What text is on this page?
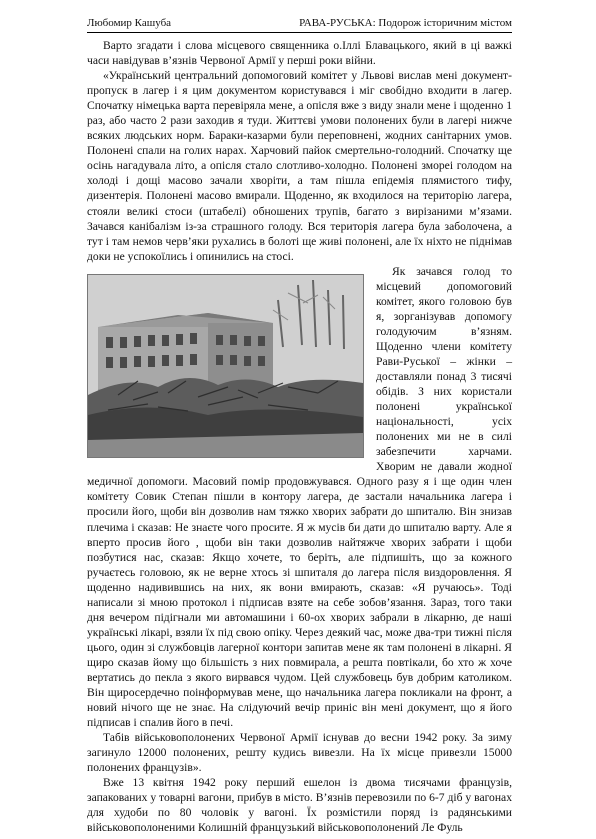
Любомир Кашуба	РАВА-РУСЬКА: Подорож історичним містом

Варто згадати і слова місцевого священника о.Іллі Блавацького, який в ці важкі часи навідував в’язнів Червоної Армії у перші роки війни.

«Український центральний допомоговий комітет у Львові вислав мені документ-пропуск в лагер і я цим документом користувався і міг свобідно входити в лагер. Спочатку німецька варта перевіряла мене, а опісля вже з виду знали мене і щоденно 1 раз, або часто 2 рази заходив я туди. Життєві умови полонених були в лагері нижче всяких людських норм. Бараки-казарми були переповнені, жодних санітарних умов. Полонені спали на голих нарах. Харчовий пайок смертельно-голодний. Спочатку ще осінь нагадувала літо, а опісля стало слотливо-холодно. Полонені змореі голодом на холоді і дощі масово зачали хворіти, а там пішла епідемія плямистого тифу, дизентерія. Полонені масово вмирали. Щоденно, як входилося на територію лагера, стояли великі стоси (штабелі) обношених трупів, багато з вирізаними м’язами. Зачався канібалізм із-за страшного голоду. Вся територія лагера була заболочена, а тут і там немов черв’яки рухались в болоті ще живі полонені, але їх ніхто не піднімав доки не успокоїлись і опинились на стосі.

Як зачався голод то місцевий допомоговий комітет, якого головою був я, зорганізував допомогу голодуючим в’язням. Щоденно члени комітету Рави-Руської – жінки – доставляли понад 3 тисячі обідів. З них користали полонені української національності, усіх полонених ми не в силі забезпечити харчами. Хворим не давали жодної медичної допомоги. Масовий помір продовжувався. Одного разу я і ще один член комітету Совик Степан пішли в контору лагера, де застали начальника лагера і просили його, щоби він дозволив нам тяжко хворих забрати до шпиталю. Він знизав плечима і сказав: Не знаєте чого просите. Я ж мусів би дати до шпиталю варту. Але я вперто просив його , щоби він таки дозволив найтяжче хворих забрати і щоби позбутися нас, сказав: Якщо хочете, то беріть, але підпишіть, що за кожного ручаєтесь головою, як не верне хтось зі шпиталя до лагера після виздоровлення. Я щоденно надивившись на них, як вони вмирають, сказав: «Я ручаюсь». Тоді написали зі мною протокол і підписав взяте на себе зобов’язання. Зараз, того таки дня вечером підігнали ми автомашини і 60-ох хворих забрали в лікарню, де наші українські лікарі, взяли їх під свою опіку. Через деякий час, може два-три тижні після цього, один зі службовців лагерної контори запитав мене як там полонені в лікарні. Я щиро сказав йому що більшість з них повмирала, а решта повтікали, бо хто ж хоче вертатись до пекла з якого вирвався чудом. Цей службовець був добрим католиком. Він щиросердечно поінформував мене, що начальника лагера покликали на фронт, а новий нічого ще не знає. На слідуючий вечір приніс він мені документ, що я його підписав і спалив його в печі.

Табів військовополонених Червоної Армії існував до весни 1942 року. За зиму загинуло 12000 полонених, решту кудись вивезли. На їх місце привезли 15000 полонених французів».

Вже 13 квітня 1942 року перший ешелон із двома тисячами французів, запакованих у товарні вагони, прибув в місто. В’язнів перевозили по 6-7 діб у вагонах для худоби по 80 чоловік у вагоні. Їх розмістили поряд із радянськими військовополоненими Колишній французький військовополонений Ле Фуль
